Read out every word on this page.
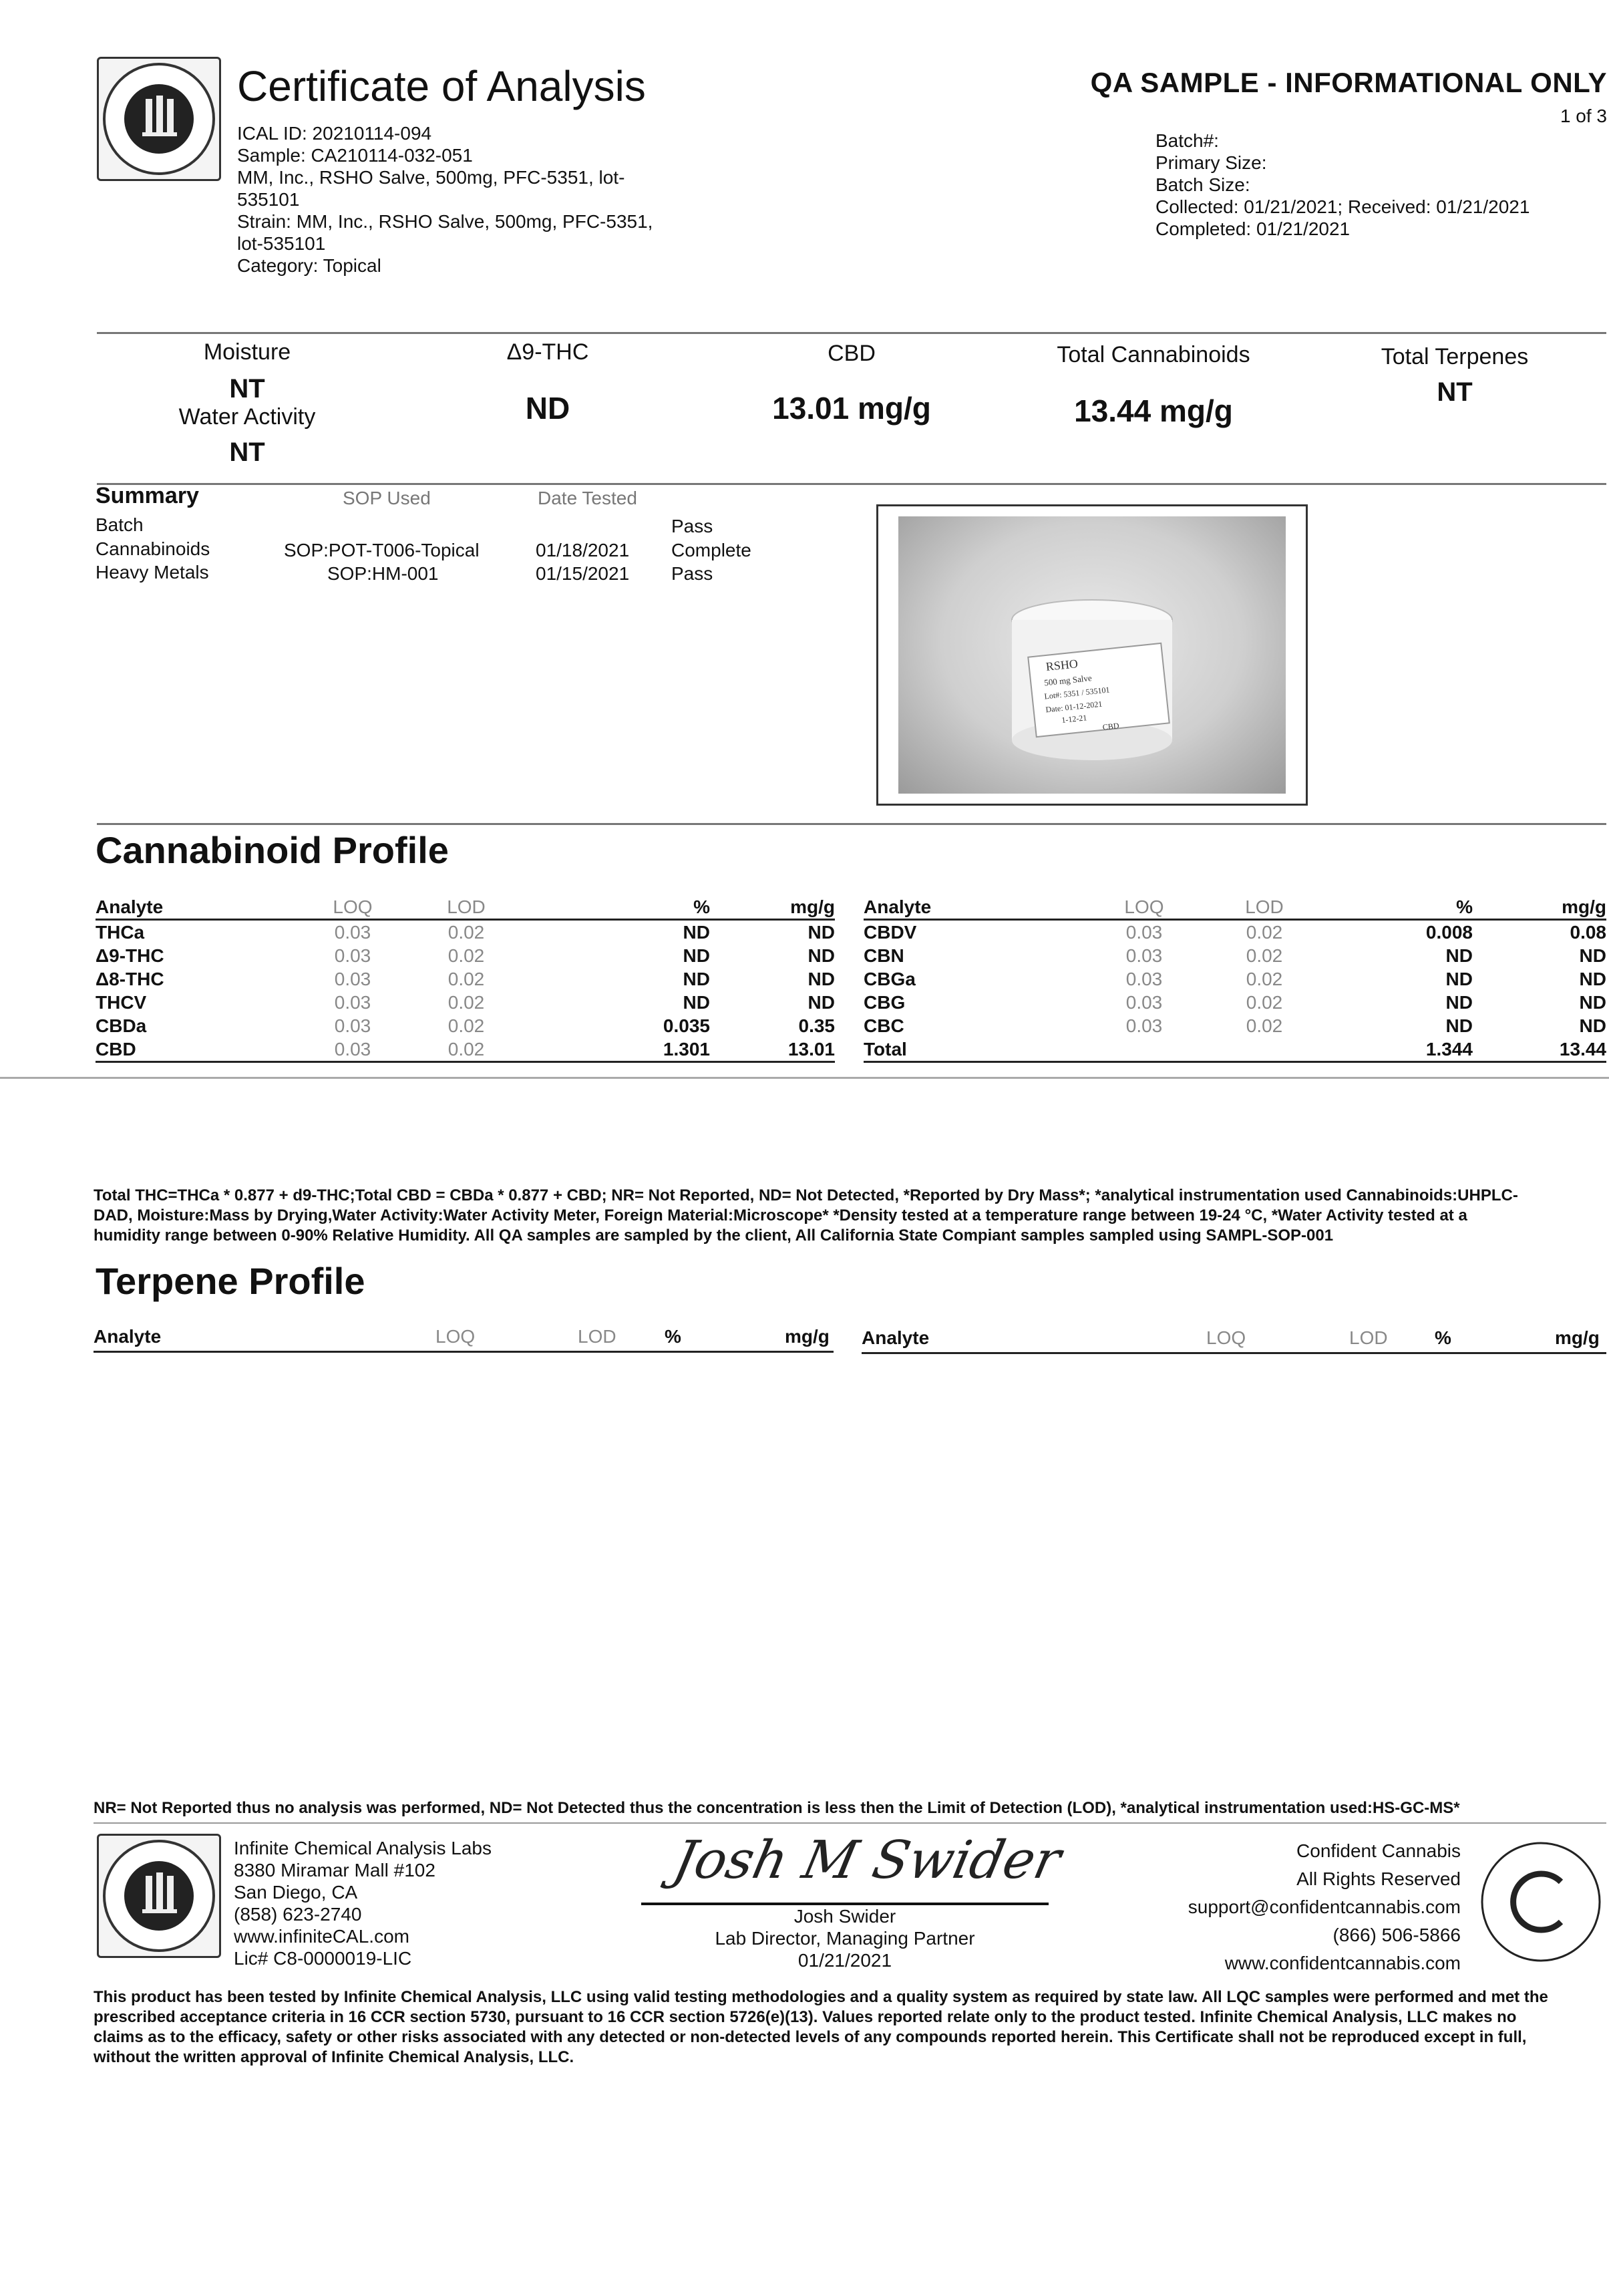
Certificate of Analysis
ICAL ID: 20210114-094
Sample: CA210114-032-051
MM, Inc., RSHO Salve, 500mg, PFC-5351, lot-
535101
Strain: MM, Inc., RSHO Salve, 500mg, PFC-5351,
lot-535101
Category: Topical
QA SAMPLE - INFORMATIONAL ONLY
1 of 3
Batch#:
Primary Size:
Batch Size:
Collected: 01/21/2021; Received: 01/21/2021
Completed: 01/21/2021
Moisture
NT
Water Activity
NT
Δ9-THC
ND
CBD
13.01 mg/g
Total Cannabinoids
13.44 mg/g
Total Terpenes
NT
Summary	SOP Used	Date Tested
Batch	Pass
Cannabinoids	SOP:POT-T006-Topical	01/18/2021 Complete
Heavy Metals	SOP:HM-001	01/15/2021 Pass
RSHO
500 mg Salve
Lot#: 5351 / 535101
Date: 01-12-2021
1-12-21
CBD
Cannabinoid Profile
Analyte	LOQ	LOD	%	mg/g
THCa	0.03	0.02	ND	ND
Δ9-THC	0.03	0.02	ND	ND
Δ8-THC	0.03	0.02	ND	ND
THCV	0.03	0.02	ND	ND
CBDa	0.03	0.02	0.035	0.35
CBD	0.03	0.02	1.301	13.01
Analyte	LOQ	LOD	%	mg/g
CBDV	0.03	0.02	0.008	0.08
CBN	0.03	0.02	ND	ND
CBGa	0.03	0.02	ND	ND
CBG	0.03	0.02	ND	ND
CBC	0.03	0.02	ND	ND
Total			1.344	13.44
Total THC=THCa * 0.877 + d9-THC;Total CBD = CBDa * 0.877 + CBD; NR= Not Reported, ND= Not Detected, *Reported by Dry Mass*; *analytical instrumentation used Cannabinoids:UHPLC-
DAD, Moisture:Mass by Drying,Water Activity:Water Activity Meter, Foreign Material:Microscope* *Density tested at a temperature range between 19-24 °C, *Water Activity tested at a
humidity range between 0-90% Relative Humidity. All QA samples are sampled by the client, All California State Compiant samples sampled using SAMPL-SOP-001
Terpene Profile
Analyte	LOQ	LOD	%	mg/g Analyte	LOQ	LOD	%	mg/g
NR= Not Reported thus no analysis was performed, ND= Not Detected thus the concentration is less then the Limit of Detection (LOD), *analytical instrumentation used:HS-GC-MS*
Infinite Chemical Analysis Labs
8380 Miramar Mall #102
San Diego, CA
(858) 623-2740
www.infiniteCAL.com
Lic# C8-0000019-LIC
Josh M Swider
Josh Swider
Lab Director, Managing Partner
01/21/2021
Confident Cannabis
All Rights Reserved
support@confidentcannabis.com
(866) 506-5866
www.confidentcannabis.com
This product has been tested by Infinite Chemical Analysis, LLC using valid testing methodologies and a quality system as required by state law. All LQC samples were performed and met the
prescribed acceptance criteria in 16 CCR section 5730, pursuant to 16 CCR section 5726(e)(13). Values reported relate only to the product tested. Infinite Chemical Analysis, LLC makes no
claims as to the efficacy, safety or other risks associated with any detected or non-detected levels of any compounds reported herein. This Certificate shall not be reproduced except in full,
without the written approval of Infinite Chemical Analysis, LLC.
